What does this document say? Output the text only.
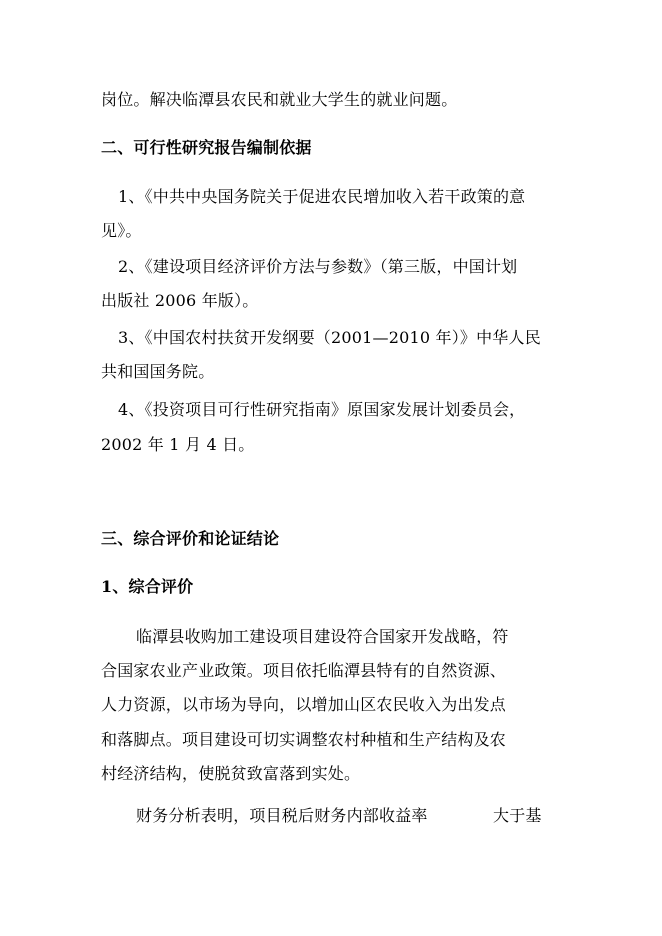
岗位。解决临潭县农民和就业大学生的就业问题。
二、可行性研究报告编制依据
1、《中共中央国务院关于促进农民增加收入若干政策的意
见》。
2、《建设项目经济评价方法与参数》（第三版，中国计划
出版社 2006 年版）。
3、《中国农村扶贫开发纲要（2001—2010 年）》中华人民
共和国国务院。
4、《投资项目可行性研究指南》原国家发展计划委员会，
2002 年 1 月 4 日。
三、综合评价和论证结论
1、综合评价
临潭县收购加工建设项目建设符合国家开发战略，符
合国家农业产业政策。项目依托临潭县特有的自然资源、
人力资源，以市场为导向，以增加山区农民收入为出发点
和落脚点。项目建设可切实调整农村种植和生产结构及农
村经济结构，使脱贫致富落到实处。
财务分析表明，项目税后财务内部收益率	大于基
